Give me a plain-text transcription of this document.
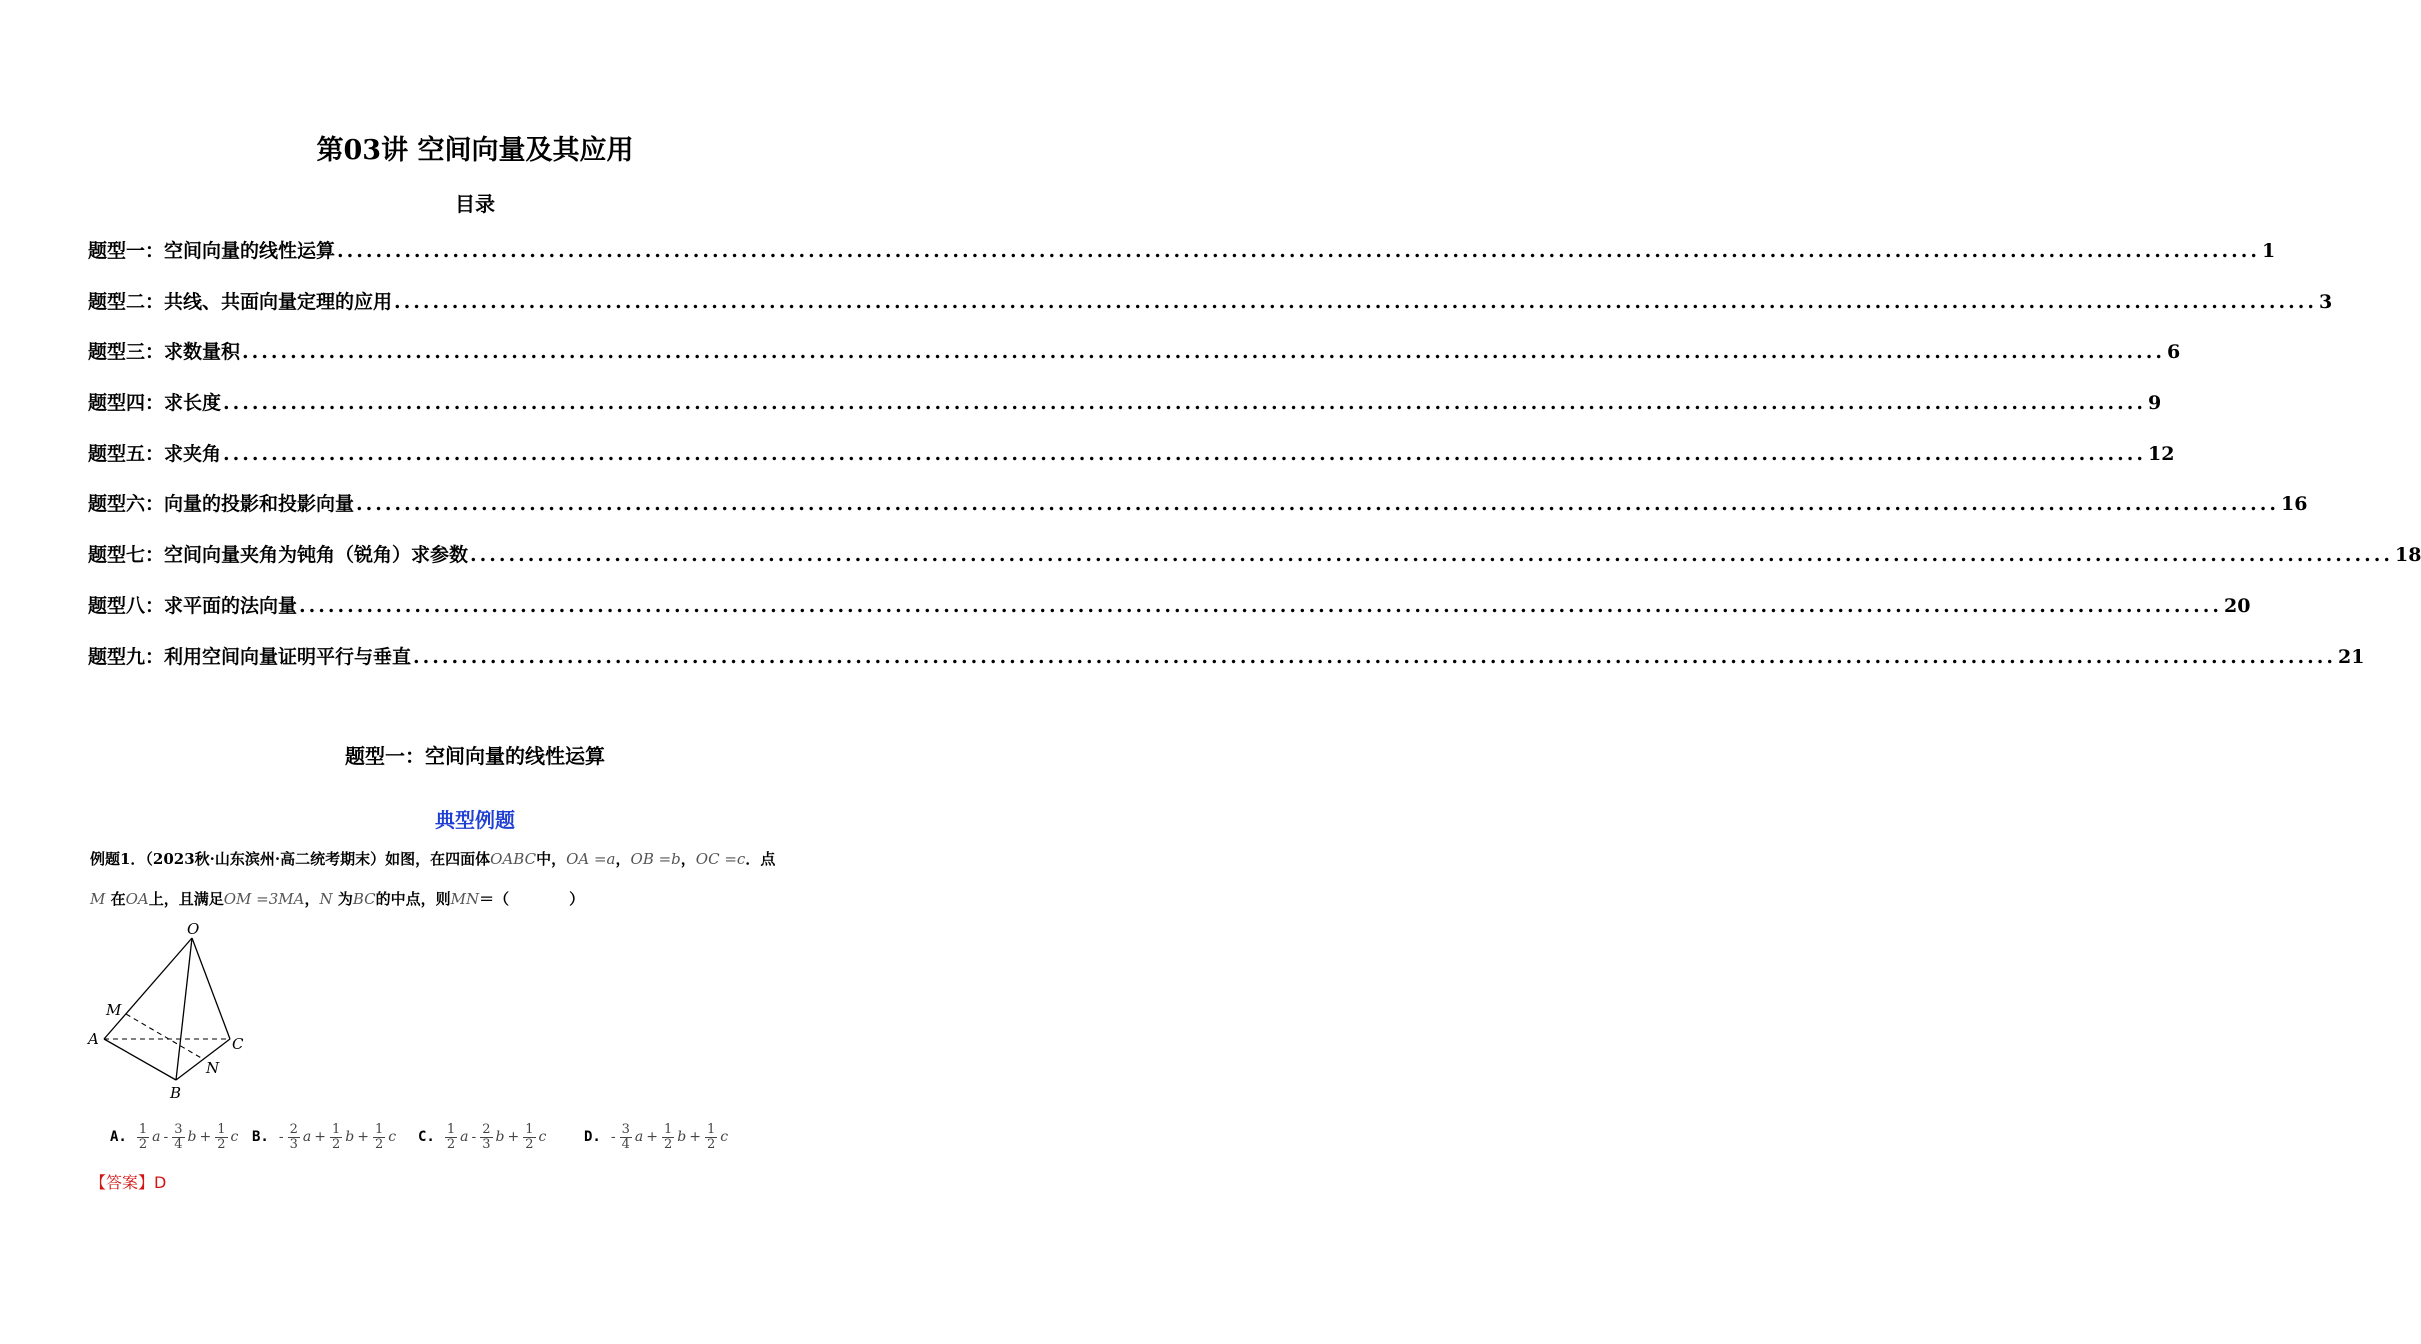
第03讲 空间向量及其应用
目录
题型一：空间向量的线性运算 ........................................................................................................................................................................................................ 1
题型二：共线、共面向量定理的应用 ........................................................................................................................................................................................................ 3
题型三：求数量积 ........................................................................................................................................................................................................ 6
题型四：求长度 ........................................................................................................................................................................................................ 9
题型五：求夹角 ........................................................................................................................................................................................................ 12
题型六：向量的投影和投影向量 ........................................................................................................................................................................................................ 16
题型七：空间向量夹角为钝角（锐角）求参数 ........................................................................................................................................................................................................ 18
题型八：求平面的法向量 ........................................................................................................................................................................................................ 20
题型九：利用空间向量证明平行与垂直 ........................................................................................................................................................................................................ 21
题型一：空间向量的线性运算
典型例题
例题1．（2023秋·山东滨州·高二统考期末）如图，在四面体OABC中，OA =a，OB =b，OC =c．点
M 在OA上，且满足OM =3MA，N 为BC的中点，则MN＝（　　　　）
O
M
A	C
N
B
A. $\frac{1}{2}$ a - $\frac{3}{4}$ $b + \frac{1}{2}$ c B. - $\frac{2}{3}$ $a + \frac{1}{2}$ $b + \frac{1}{2}$ c C. $\frac{1}{2}$ a - $\frac{2}{3}$ $b + \frac{1}{2}$ c	D. - $\frac{3}{4}$ $a + \frac{1}{2}$ $b + \frac{1}{2}$ c
【答案】D
